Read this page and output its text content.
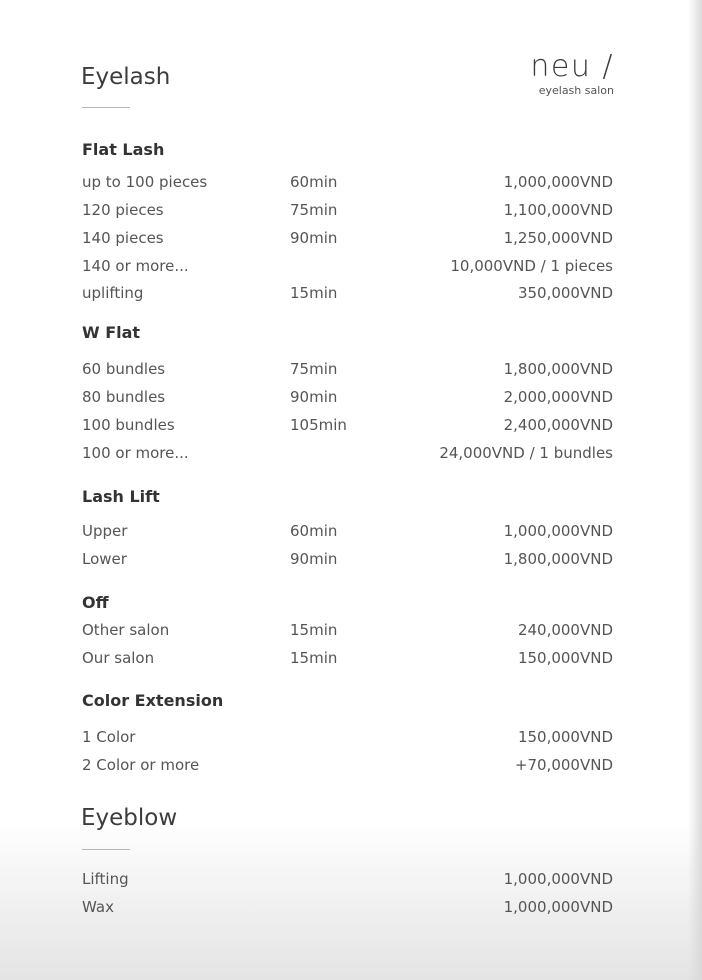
neu /
eyelash salon
Eyelash
Flat Lash
up to 100 pieces	60min	1,000,000VND
120 pieces	75min	1,100,000VND
140 pieces	90min	1,250,000VND
140 or more...	10,000VND / 1 pieces
uplifting	15min	350,000VND
W Flat
60 bundles	75min	1,800,000VND
80 bundles	90min	2,000,000VND
100 bundles	105min	2,400,000VND
100 or more...	24,000VND / 1 bundles
Lash Lift
Upper	60min	1,000,000VND
Lower	90min	1,800,000VND
Off
Other salon	15min	240,000VND
Our salon	15min	150,000VND
Color Extension
1 Color	150,000VND
2 Color or more	+70,000VND
Eyeblow
Lifting	1,000,000VND
Wax	1,000,000VND
